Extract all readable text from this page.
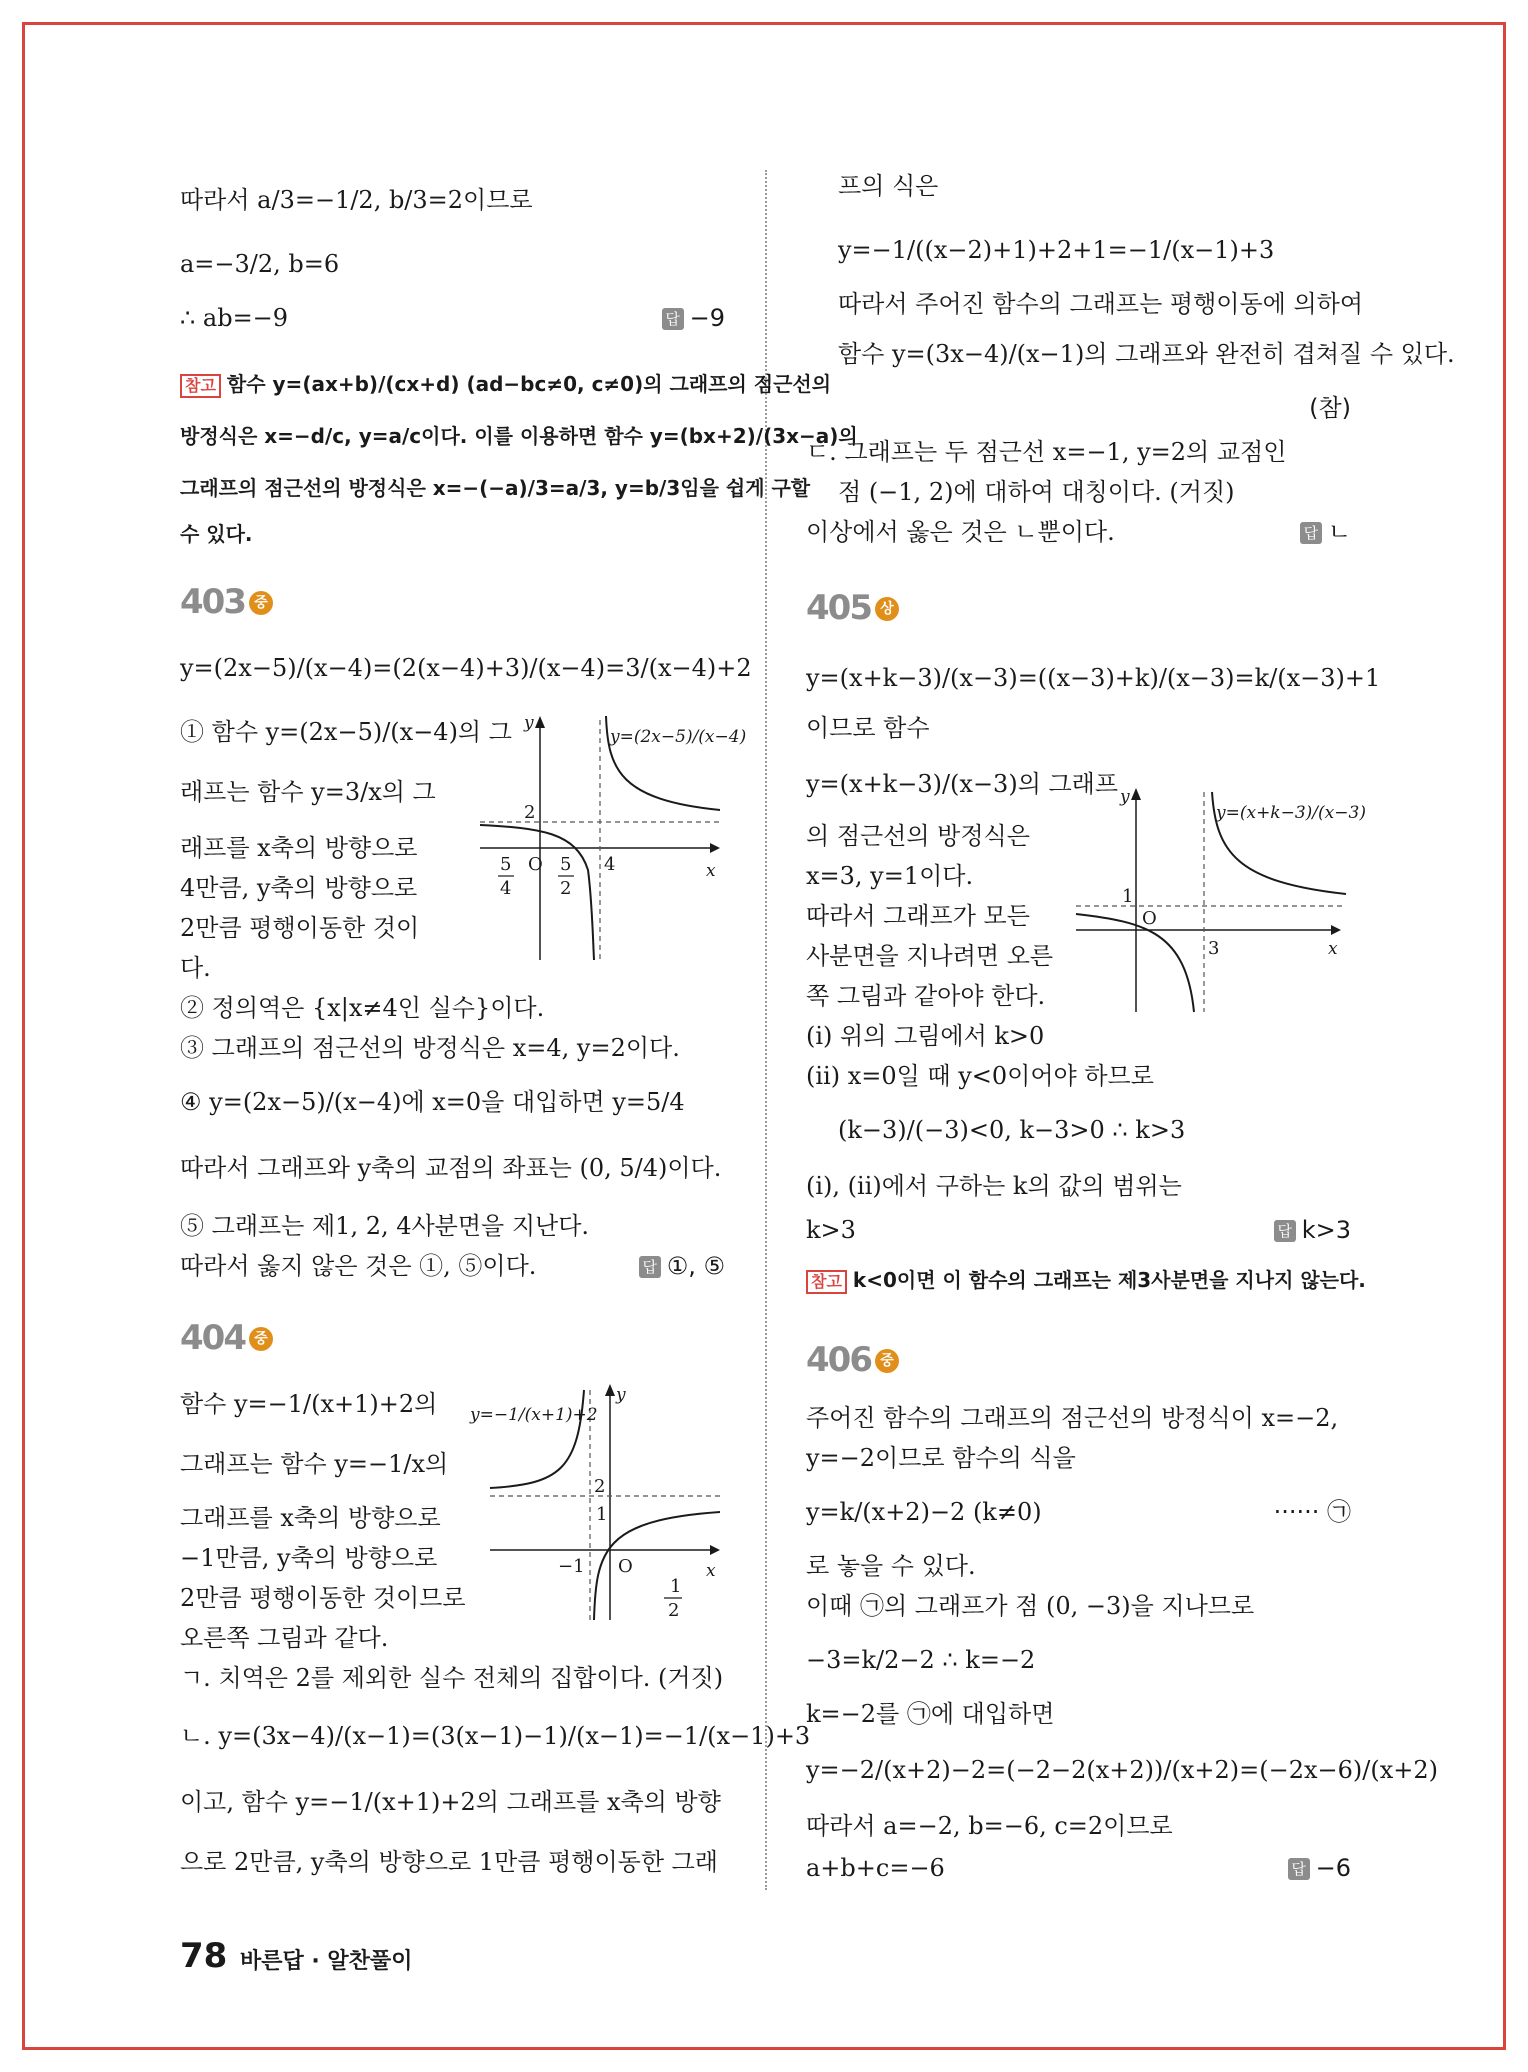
따라서 a/3=−1/2, b/3=2이므로
a=−3/2, b=6
∴ ab=−9	답 −9
참고 함수 y=(ax+b)/(cx+d) (ad−bc≠0, c≠0)의 그래프의 점근선의
방정식은 x=−d/c, y=a/c이다. 이를 이용하면 함수 y=(bx+2)/(3x−a)의
그래프의 점근선의 방정식은 x=−(−a)/3=a/3, y=b/3임을 쉽게 구할
수 있다.
403 중
y=(2x−5)/(x−4)=(2(x−4)+3)/(x−4)=3/(x−4)+2
① 함수 y=(2x−5)/(x−4)의 그
래프는 함수 y=3/x의 그
래프를 x축의 방향으로
4만큼, y축의 방향으로
2만큼 평행이동한 것이
다.
② 정의역은 {x|x≠4인 실수}이다.
③ 그래프의 점근선의 방정식은 x=4, y=2이다.
④ y=(2x−5)/(x−4)에 x=0을 대입하면 y=5/4
따라서 그래프와 y축의 교점의 좌표는 (0, 5/4)이다.
⑤ 그래프는 제1, 2, 4사분면을 지난다.
따라서 옳지 않은 것은 ①, ⑤이다.	답 ①, ⑤
y=(2x−5)/(x−4)
y
x
2
O	4
5
4
5
2
404 중
함수 y=−1/(x+1)+2의
그래프는 함수 y=−1/x의
그래프를 x축의 방향으로
−1만큼, y축의 방향으로
2만큼 평행이동한 것이므로
오른쪽 그림과 같다.
ㄱ. 치역은 2를 제외한 실수 전체의 집합이다. (거짓)
ㄴ. y=(3x−4)/(x−1)=(3(x−1)−1)/(x−1)=−1/(x−1)+3
이고, 함수 y=−1/(x+1)+2의 그래프를 x축의 방향
으로 2만큼, y축의 방향으로 1만큼 평행이동한 그래
y=−1/(x+1)+2
y
x
2
1
−1 O
1
2
프의 식은
y=−1/((x−2)+1)+2+1=−1/(x−1)+3
따라서 주어진 함수의 그래프는 평행이동에 의하여
함수 y=(3x−4)/(x−1)의 그래프와 완전히 겹쳐질 수 있다.
(참)
ㄷ. 그래프는 두 점근선 x=−1, y=2의 교점인
점 (−1, 2)에 대하여 대칭이다. (거짓)
이상에서 옳은 것은 ㄴ뿐이다.	답 ㄴ
405 상
y=(x+k−3)/(x−3)=((x−3)+k)/(x−3)=k/(x−3)+1
이므로 함수
y=(x+k−3)/(x−3)의 그래프
의 점근선의 방정식은
x=3, y=1이다.
따라서 그래프가 모든
사분면을 지나려면 오른
쪽 그림과 같아야 한다.
(ⅰ) 위의 그림에서 k>0
(ⅱ) x=0일 때 y<0이어야 하므로
(k−3)/(−3)<0, k−3>0 ∴ k>3
(ⅰ), (ⅱ)에서 구하는 k의 값의 범위는
k>3	답 k>3
참고 k<0이면 이 함수의 그래프는 제3사분면을 지나지 않는다.
y=(x+k−3)/(x−3)
y
x
1
O
3
406 중
주어진 함수의 그래프의 점근선의 방정식이 x=−2,
y=−2이므로 함수의 식을
y=k/(x+2)−2 (k≠0)	······ ㉠
로 놓을 수 있다.
이때 ㉠의 그래프가 점 (0, −3)을 지나므로
−3=k/2−2 ∴ k=−2
k=−2를 ㉠에 대입하면
y=−2/(x+2)−2=(−2−2(x+2))/(x+2)=(−2x−6)/(x+2)
따라서 a=−2, b=−6, c=2이므로
a+b+c=−6	답 −6
78 바른답 · 알찬풀이
